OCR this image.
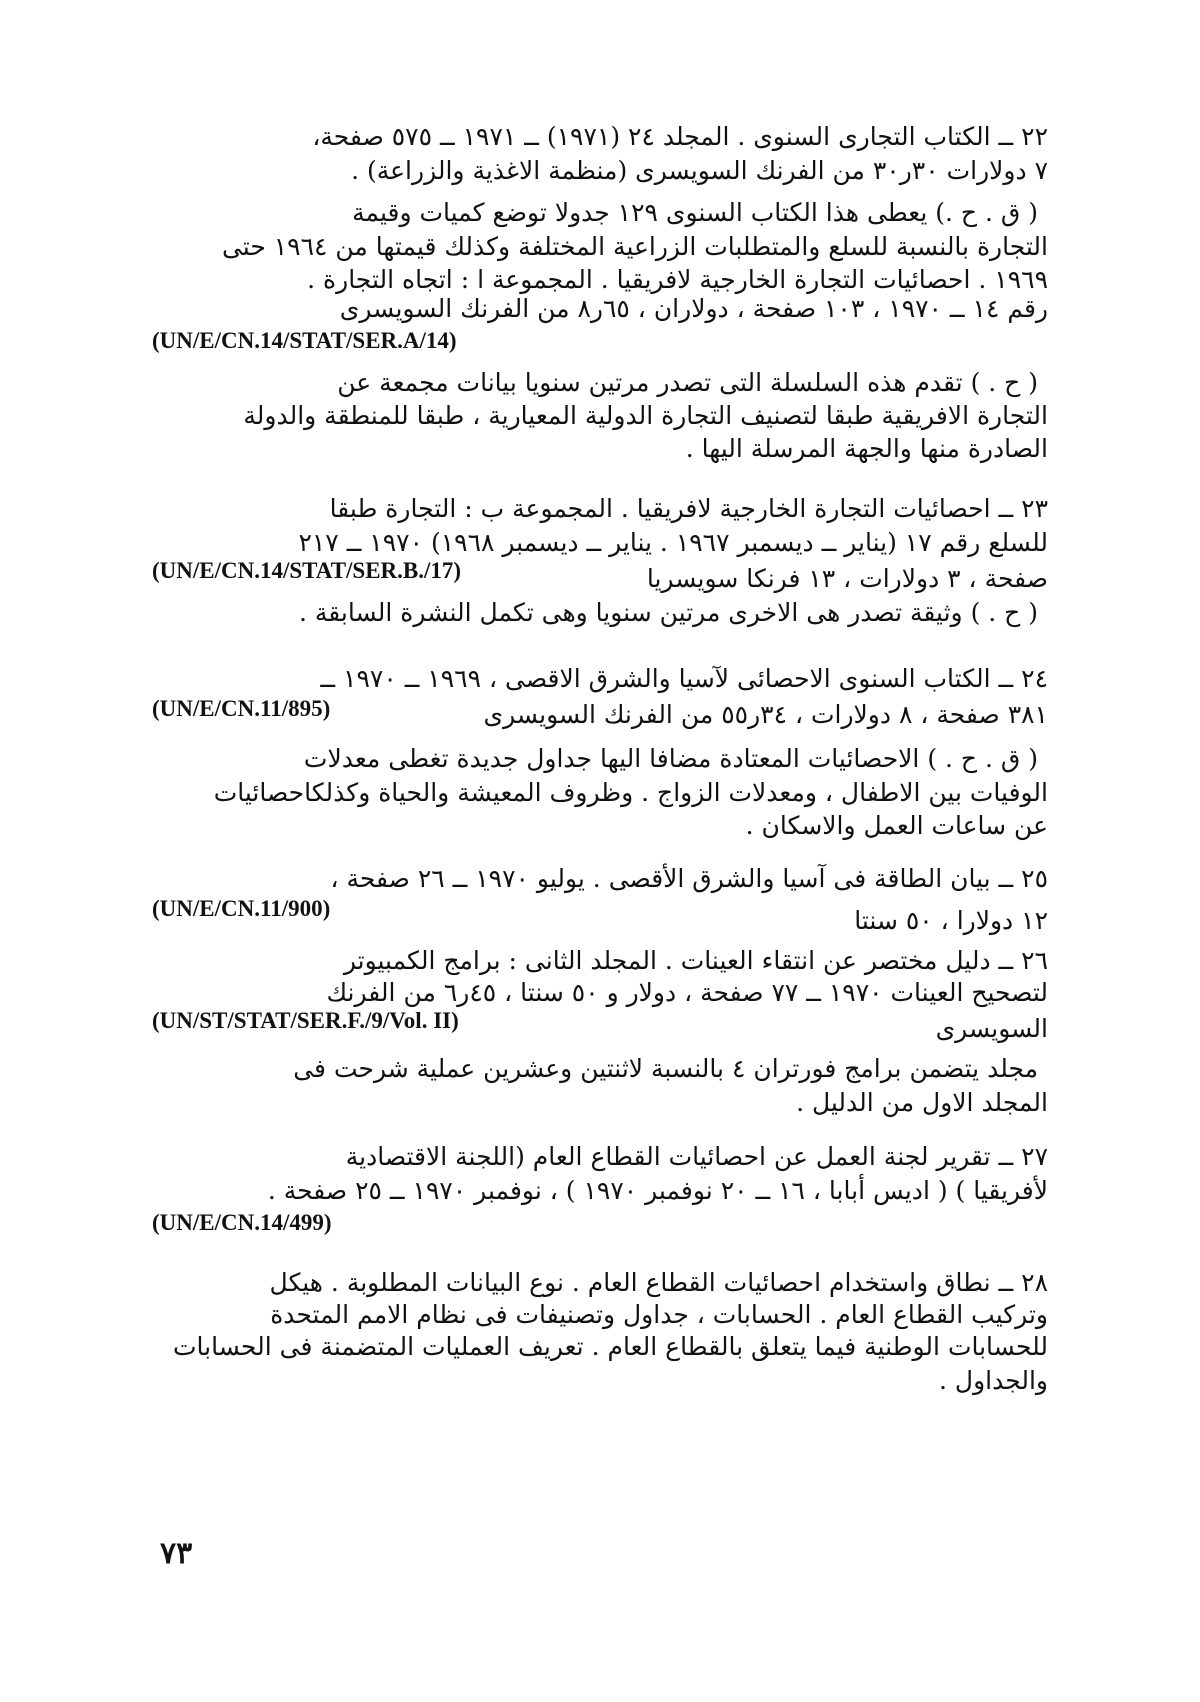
٢٢ ــ الكتاب التجارى السنوى . المجلد ٢٤ (١٩٧١) ــ ١٩٧١ ــ ٥٧٥ صفحة،
٧ دولارات ٣٠ر٣٠ من الفرنك السويسرى (منظمة الاغذية والزراعة) .
( ق . ح .) يعطى هذا الكتاب السنوى ١٢٩ جدولا توضع كميات وقيمة
التجارة بالنسبة للسلع والمتطلبات الزراعية المختلفة وكذلك قيمتها من ١٩٦٤ حتى
١٩٦٩ . احصائيات التجارة الخارجية لافريقيا . المجموعة ا : اتجاه التجارة .
رقم ١٤ ــ ١٩٧٠ ، ١٠٣ صفحة ، دولاران ، ٦٥ر٨ من الفرنك السويسرى
(UN/E/CN.14/STAT/SER.A/14)
( ح . ) تقدم هذه السلسلة التى تصدر مرتين سنويا بيانات مجمعة عن
التجارة الافريقية طبقا لتصنيف التجارة الدولية المعيارية ، طبقا للمنطقة والدولة
الصادرة منها والجهة المرسلة اليها .
٢٣ ــ احصائيات التجارة الخارجية لافريقيا . المجموعة ب : التجارة طبقا
للسلع رقم ١٧ (يناير ــ ديسمبر ١٩٦٧ . يناير ــ ديسمبر ١٩٦٨) ١٩٧٠ ــ ٢١٧
صفحة ، ٣ دولارات ، ١٣ فرنكا سويسريا
(UN/E/CN.14/STAT/SER.B./17)
( ح . ) وثيقة تصدر هى الاخرى مرتين سنويا وهى تكمل النشرة السابقة .
٢٤ ــ الكتاب السنوى الاحصائى لآسيا والشرق الاقصى ، ١٩٦٩ ــ ١٩٧٠ ــ
٣٨١ صفحة ، ٨ دولارات ، ٣٤ر٥٥ من الفرنك السويسرى
(UN/E/CN.11/895)
( ق . ح . ) الاحصائيات المعتادة مضافا اليها جداول جديدة تغطى معدلات
الوفيات بين الاطفال ، ومعدلات الزواج . وظروف المعيشة والحياة وكذلكاحصائيات
عن ساعات العمل والاسكان .
٢٥ ــ بيان الطاقة فى آسيا والشرق الأقصى . يوليو ١٩٧٠ ــ ٢٦ صفحة ،
(UN/E/CN.11/900)	١٢ دولارا ، ٥٠ سنتا
٢٦ ــ دليل مختصر عن انتقاء العينات . المجلد الثانى : برامج الكمبيوتر
لتصحيح العينات ١٩٧٠ ــ ٧٧ صفحة ، دولار و ٥٠ سنتا ، ٤٥ر٦ من الفرنك
(UN/ST/STAT/SER.F./9/Vol. II)	السويسرى
مجلد يتضمن برامج فورتران ٤ بالنسبة لاثنتين وعشرين عملية شرحت فى
المجلد الاول من الدليل .
٢٧ ــ تقرير لجنة العمل عن احصائيات القطاع العام (اللجنة الاقتصادية
لأفريقيا ) ( اديس أبابا ، ١٦ ــ ٢٠ نوفمبر ١٩٧٠ ) ، نوفمبر ١٩٧٠ ــ ٢٥ صفحة .
(UN/E/CN.14/499)
٢٨ ــ نطاق واستخدام احصائيات القطاع العام . نوع البيانات المطلوبة . هيكل
وتركيب القطاع العام . الحسابات ، جداول وتصنيفات فى نظام الامم المتحدة
للحسابات الوطنية فيما يتعلق بالقطاع العام . تعريف العمليات المتضمنة فى الحسابات
والجداول .
٧٣
